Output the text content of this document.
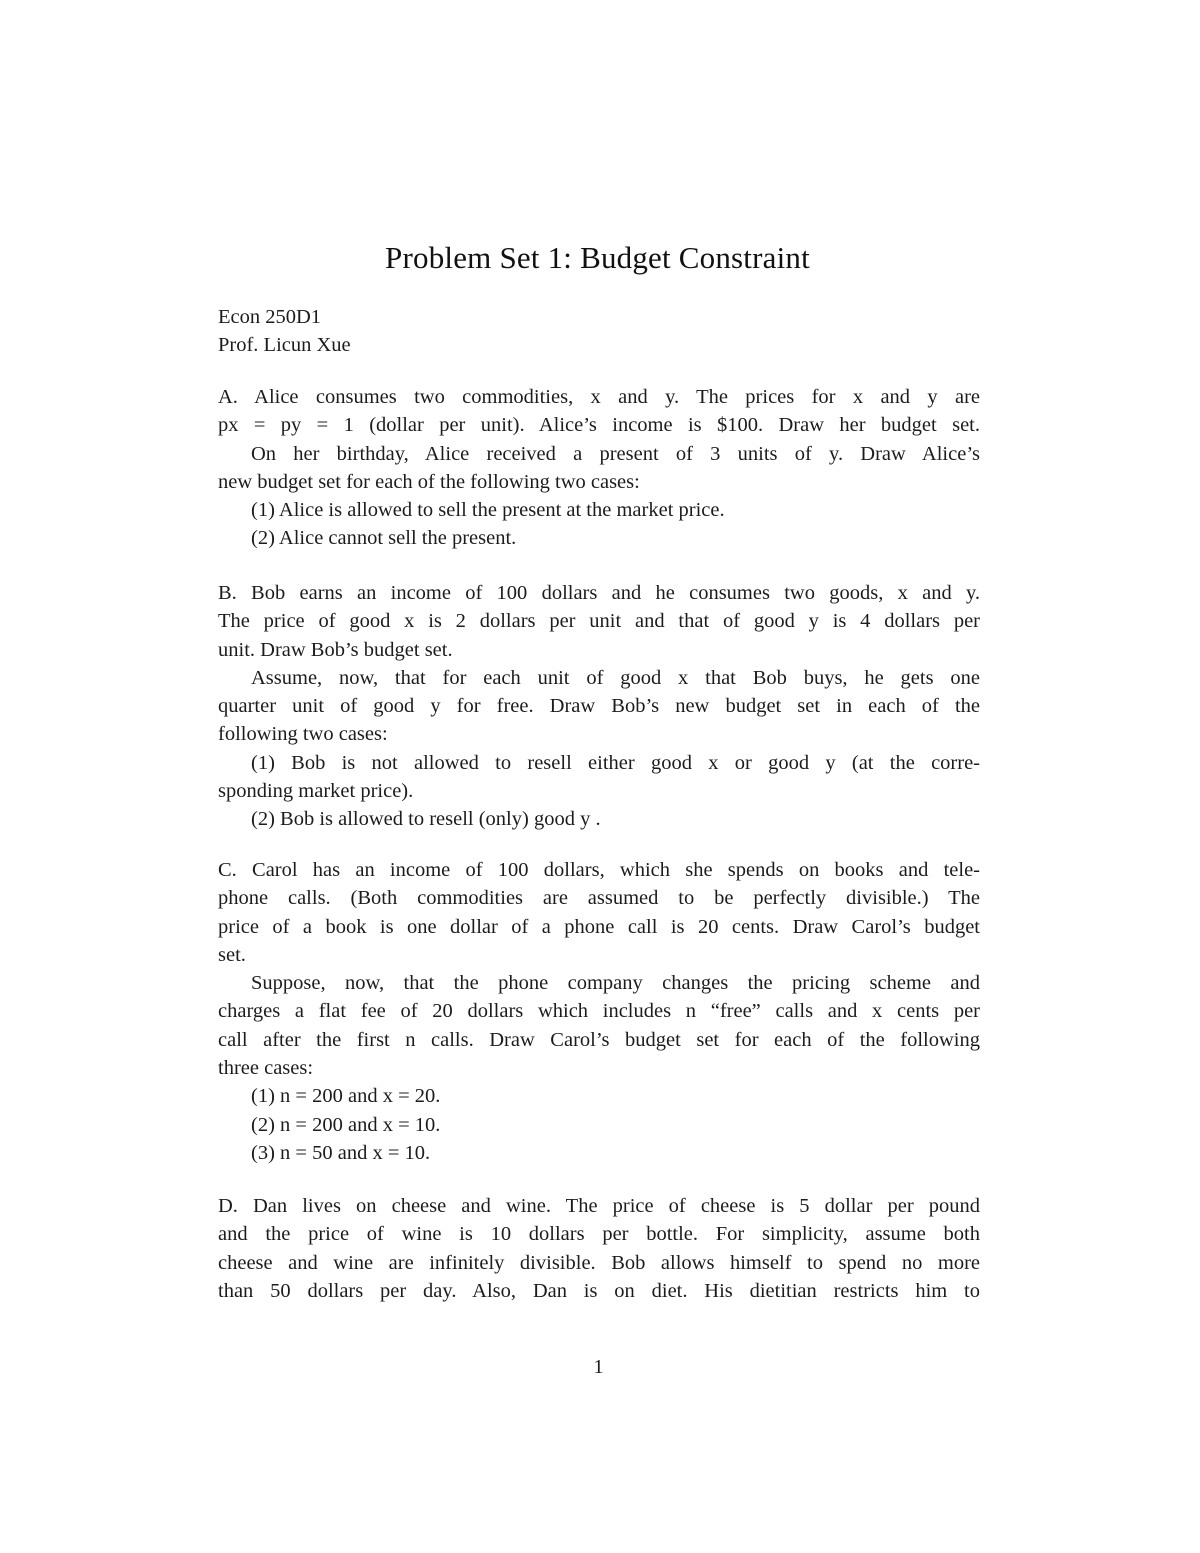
Problem Set 1: Budget Constraint
Econ 250D1
Prof. Licun Xue
A. Alice consumes two commodities, x and y. The prices for x and y are
px = py = 1 (dollar per unit). Alice’s income is $100. Draw her budget set.
On her birthday, Alice received a present of 3 units of y. Draw Alice’s
new budget set for each of the following two cases:
(1) Alice is allowed to sell the present at the market price.
(2) Alice cannot sell the present.
B. Bob earns an income of 100 dollars and he consumes two goods, x and y.
The price of good x is 2 dollars per unit and that of good y is 4 dollars per
unit. Draw Bob’s budget set.
Assume, now, that for each unit of good x that Bob buys, he gets one
quarter unit of good y for free. Draw Bob’s new budget set in each of the
following two cases:
(1) Bob is not allowed to resell either good x or good y (at the corre-
sponding market price).
(2) Bob is allowed to resell (only) good y .
C. Carol has an income of 100 dollars, which she spends on books and tele-
phone calls. (Both commodities are assumed to be perfectly divisible.) The
price of a book is one dollar of a phone call is 20 cents. Draw Carol’s budget
set.
Suppose, now, that the phone company changes the pricing scheme and
charges a flat fee of 20 dollars which includes n “free” calls and x cents per
call after the first n calls. Draw Carol’s budget set for each of the following
three cases:
(1) n = 200 and x = 20.
(2) n = 200 and x = 10.
(3) n = 50 and x = 10.
D. Dan lives on cheese and wine. The price of cheese is 5 dollar per pound
and the price of wine is 10 dollars per bottle. For simplicity, assume both
cheese and wine are infinitely divisible. Bob allows himself to spend no more
than 50 dollars per day. Also, Dan is on diet. His dietitian restricts him to
1
